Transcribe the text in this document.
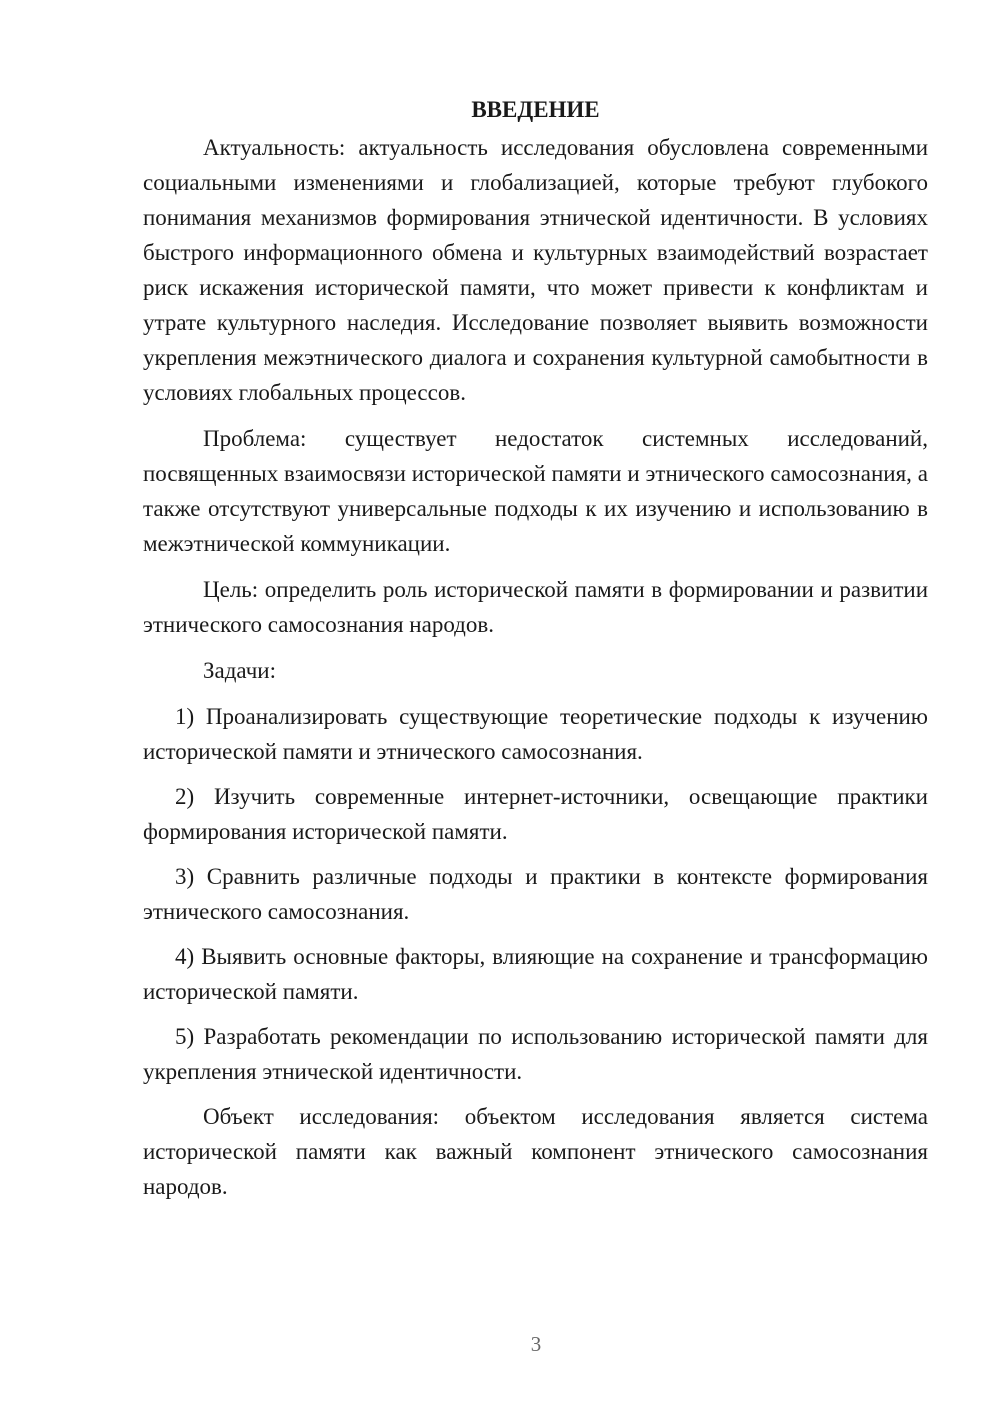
ВВЕДЕНИЕ

Актуальность: актуальность исследования обусловлена современными социальными изменениями и глобализацией, которые требуют глубокого понимания механизмов формирования этнической идентичности. В условиях быстрого информационного обмена и культурных взаимодействий возрастает риск искажения исторической памяти, что может привести к конфликтам и утрате культурного наследия. Исследование позволяет выявить возможности укрепления межэтнического диалога и сохранения культурной самобытности в условиях глобальных процессов.

Проблема: существует недостаток системных исследований, посвященных взаимосвязи исторической памяти и этнического самосознания, а также отсутствуют универсальные подходы к их изучению и использованию в межэтнической коммуникации.

Цель: определить роль исторической памяти в формировании и развитии этнического самосознания народов.

Задачи:

1) Проанализировать существующие теоретические подходы к изучению исторической памяти и этнического самосознания.

2) Изучить современные интернет-источники, освещающие практики формирования исторической памяти.

3) Сравнить различные подходы и практики в контексте формирования этнического самосознания.

4) Выявить основные факторы, влияющие на сохранение и трансформацию исторической памяти.

5) Разработать рекомендации по использованию исторической памяти для укрепления этнической идентичности.

Объект исследования: объектом исследования является система исторической памяти как важный компонент этнического самосознания народов.

3
